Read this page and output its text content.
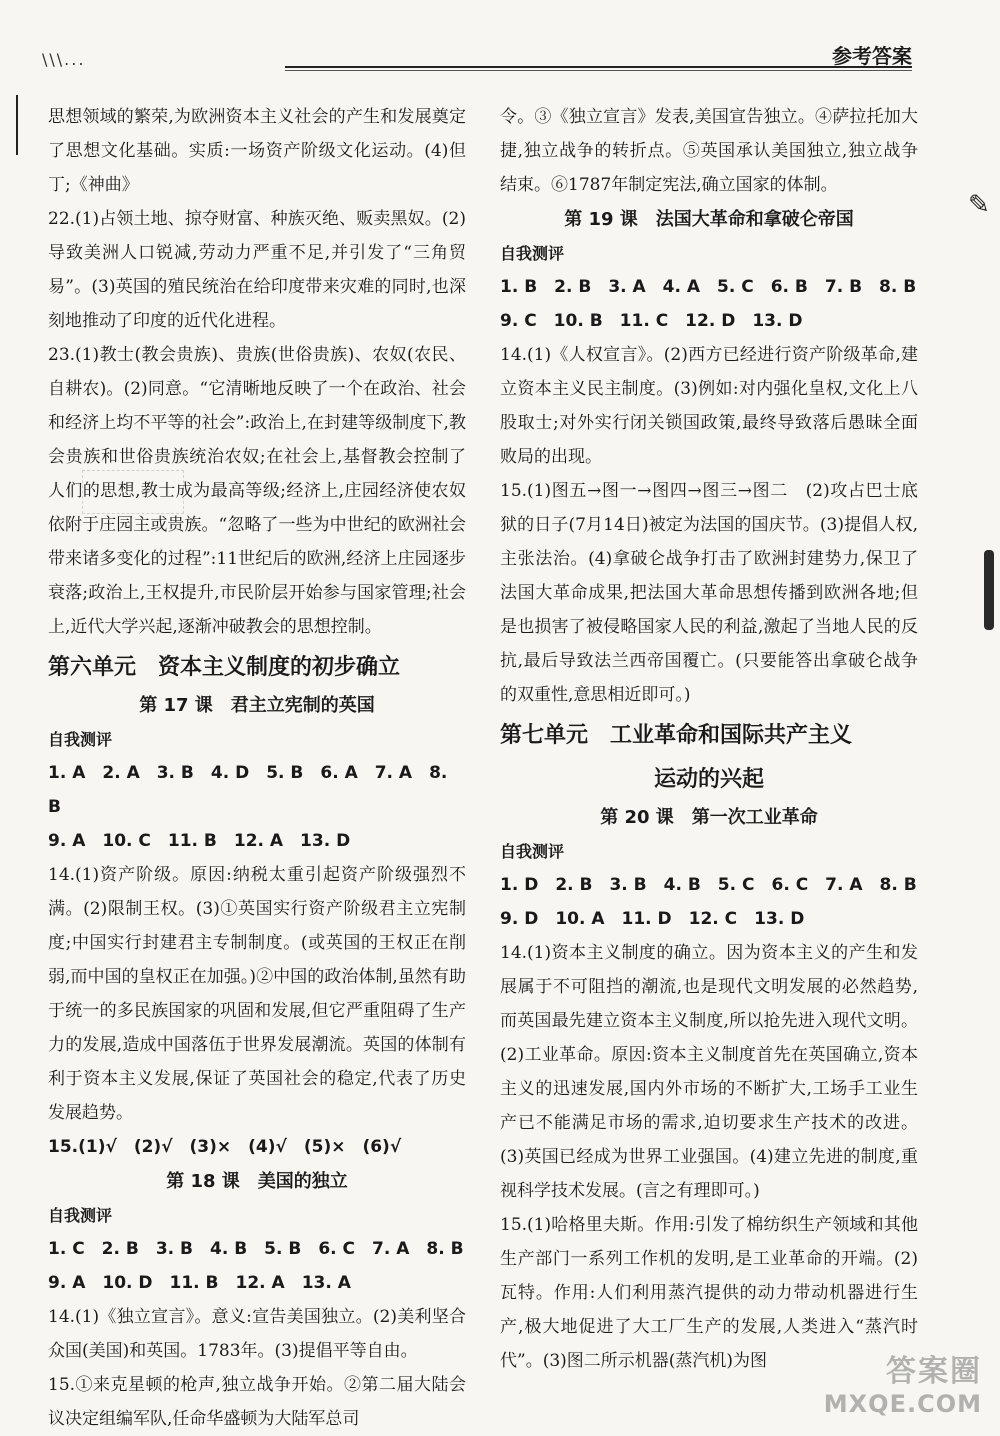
\\\...	参考答案
✎
思想领域的繁荣,为欧洲资本主义社会的产生和发展奠定了思想文化基础。实质:一场资产阶级文化运动。(4)但丁;《神曲》
22.(1)占领土地、掠夺财富、种族灭绝、贩卖黑奴。(2)导致美洲人口锐减,劳动力严重不足,并引发了“三角贸易”。(3)英国的殖民统治在给印度带来灾难的同时,也深刻地推动了印度的近代化进程。
23.(1)教士(教会贵族)、贵族(世俗贵族)、农奴(农民、自耕农)。(2)同意。“它清晰地反映了一个在政治、社会和经济上均不平等的社会”:政治上,在封建等级制度下,教会贵族和世俗贵族统治农奴;在社会上,基督教会控制了人们的思想,教士成为最高等级;经济上,庄园经济使农奴依附于庄园主或贵族。“忽略了一些为中世纪的欧洲社会带来诸多变化的过程”:11世纪后的欧洲,经济上庄园逐步衰落;政治上,王权提升,市民阶层开始参与国家管理;社会上,近代大学兴起,逐渐冲破教会的思想控制。
第六单元　资本主义制度的初步确立
第 17 课　君主立宪制的英国
自我测评
1. A　2. A　3. B　4. D　5. B　6. A　7. A　8. B
9. A　10. C　11. B　12. A　13. D
14.(1)资产阶级。原因:纳税太重引起资产阶级强烈不满。(2)限制王权。(3)①英国实行资产阶级君主立宪制度;中国实行封建君主专制制度。(或英国的王权正在削弱,而中国的皇权正在加强。)②中国的政治体制,虽然有助于统一的多民族国家的巩固和发展,但它严重阻碍了生产力的发展,造成中国落伍于世界发展潮流。英国的体制有利于资本主义发展,保证了英国社会的稳定,代表了历史发展趋势。
15.(1)√　(2)√　(3)×　(4)√　(5)×　(6)√
第 18 课　美国的独立
自我测评
1. C　2. B　3. B　4. B　5. B　6. C　7. A　8. B
9. A　10. D　11. B　12. A　13. A
14.(1)《独立宣言》。意义:宣告美国独立。(2)美利坚合众国(美国)和英国。1783年。(3)提倡平等自由。
15.①来克星顿的枪声,独立战争开始。②第二届大陆会议决定组编军队,任命华盛顿为大陆军总司
令。③《独立宣言》发表,美国宣告独立。④萨拉托加大捷,独立战争的转折点。⑤英国承认美国独立,独立战争结束。⑥1787年制定宪法,确立国家的体制。
第 19 课　法国大革命和拿破仑帝国
自我测评
1. B　2. B　3. A　4. A　5. C　6. B　7. B　8. B
9. C　10. B　11. C　12. D　13. D
14.(1)《人权宣言》。(2)西方已经进行资产阶级革命,建立资本主义民主制度。(3)例如:对内强化皇权,文化上八股取士;对外实行闭关锁国政策,最终导致落后愚昧全面败局的出现。
15.(1)图五→图一→图四→图三→图二　(2)攻占巴士底狱的日子(7月14日)被定为法国的国庆节。(3)提倡人权,主张法治。(4)拿破仑战争打击了欧洲封建势力,保卫了法国大革命成果,把法国大革命思想传播到欧洲各地;但是也损害了被侵略国家人民的利益,激起了当地人民的反抗,最后导致法兰西帝国覆亡。(只要能答出拿破仑战争的双重性,意思相近即可。)
第七单元　工业革命和国际共产主义
运动的兴起
第 20 课　第一次工业革命
自我测评
1. D　2. B　3. B　4. B　5. C　6. C　7. A　8. B
9. D　10. A　11. D　12. C　13. D
14.(1)资本主义制度的确立。因为资本主义的产生和发展属于不可阻挡的潮流,也是现代文明发展的必然趋势,而英国最先建立资本主义制度,所以抢先进入现代文明。(2)工业革命。原因:资本主义制度首先在英国确立,资本主义的迅速发展,国内外市场的不断扩大,工场手工业生产已不能满足市场的需求,迫切要求生产技术的改进。(3)英国已经成为世界工业强国。(4)建立先进的制度,重视科学技术发展。(言之有理即可。)
15.(1)哈格里夫斯。作用:引发了棉纺织生产领域和其他生产部门一系列工作机的发明,是工业革命的开端。(2)瓦特。作用:人们利用蒸汽提供的动力带动机器进行生产,极大地促进了大工厂生产的发展,人类进入“蒸汽时代”。(3)图二所示机器(蒸汽机)为图	答案圈
MXQE.COM
